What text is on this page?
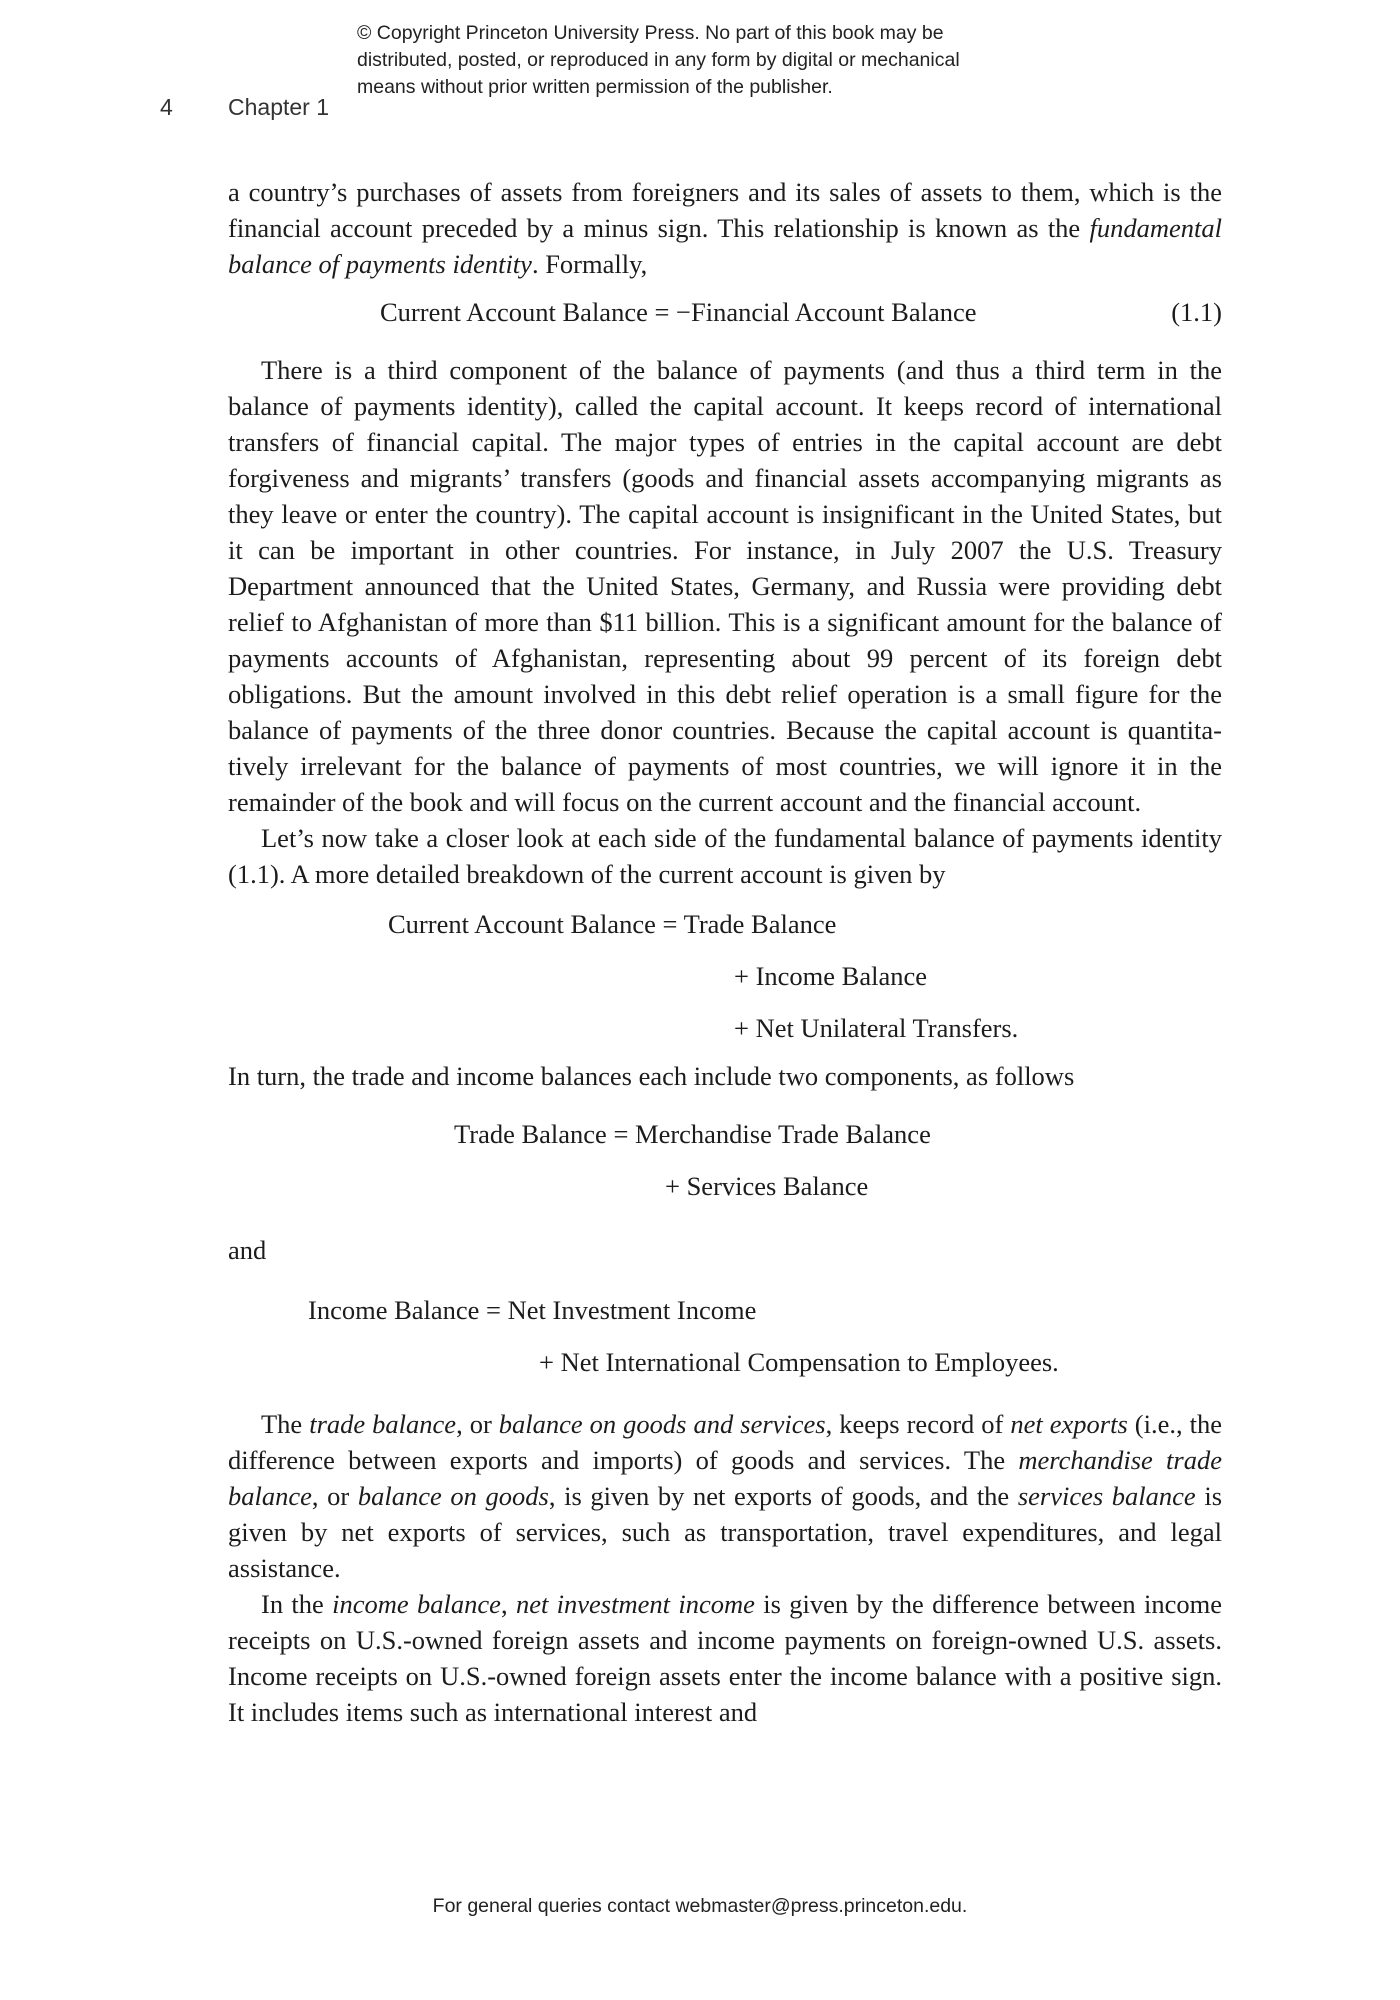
© Copyright Princeton University Press. No part of this book may be
distributed, posted, or reproduced in any form by digital or mechanical
means without prior written permission of the publisher.
4 Chapter 1

a country’s purchases of assets from foreigners and its sales of assets to them, which is the financial account preceded by a minus sign. This relationship is known as the fundamental balance of payments identity. Formally,

Current Account Balance = −Financial Account Balance	(1.1)

There is a third component of the balance of payments (and thus a third term in the balance of payments identity), called the capital account. It keeps record of international transfers of financial capital. The major types of entries in the capital account are debt forgiveness and migrants’ transfers (goods and financial assets accompanying migrants as they leave or enter the country). The capital account is insignificant in the United States, but it can be important in other countries. For instance, in July 2007 the U.S. Treasury Department announced that the United States, Germany, and Russia were providing debt relief to Afghanistan of more than $11 billion. This is a significant amount for the balance of payments accounts of Afghanistan, representing about 99 percent of its foreign debt obligations. But the amount involved in this debt relief operation is a small figure for the balance of payments of the three donor countries. Because the capital account is quantitatively irrelevant for the balance of payments of most countries, we will ignore it in the remainder of the book and will focus on the current account and the financial account.

Let’s now take a closer look at each side of the fundamental balance of payments identity (1.1). A more detailed breakdown of the current account is given by

Current Account Balance = Trade Balance
+ Income Balance
+ Net Unilateral Transfers.

In turn, the trade and income balances each include two components, as follows

Trade Balance = Merchandise Trade Balance
+ Services Balance

and

Income Balance = Net Investment Income
+ Net International Compensation to Employees.

The trade balance, or balance on goods and services, keeps record of net exports (i.e., the difference between exports and imports) of goods and services. The merchandise trade balance, or balance on goods, is given by net exports of goods, and the services balance is given by net exports of services, such as transportation, travel expenditures, and legal assistance.

In the income balance, net investment income is given by the difference between income receipts on U.S.-owned foreign assets and income payments on foreign-owned U.S. assets. Income receipts on U.S.-owned foreign assets enter the income balance with a positive sign. It includes items such as international interest and

For general queries contact webmaster@press.princeton.edu.
